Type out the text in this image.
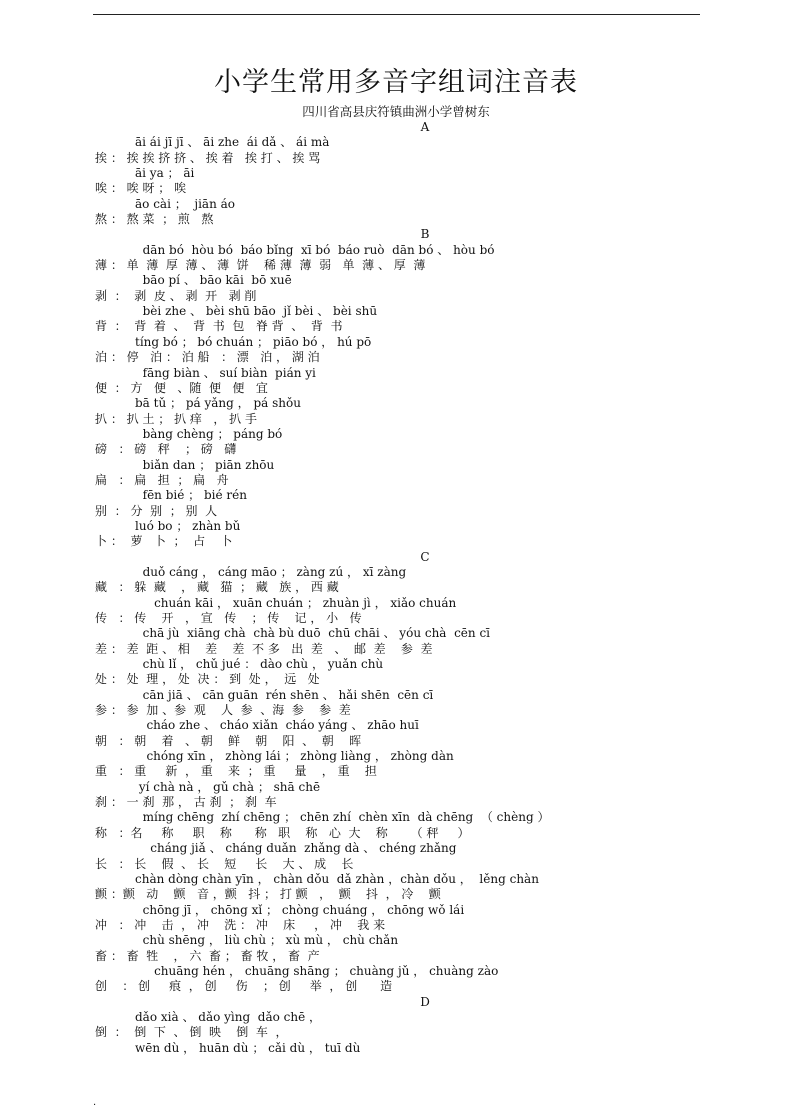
小学生常用多音字组词注音表
四川省高县庆符镇曲洲小学曾树东
A
āi ái jī jī 、 āi zhe  ái dǎ 、 ái mà
挨 ： 挨 挨 挤 挤 、 挨 着   挨 打 、 挨 骂
āi ya ； āi
唉 ： 唉 呀 ； 唉
āo cài ；  jiān áo
熬 ： 熬 菜  ； 煎   熬
B
dān bó  hòu bó  báo bǐng  xī bó  báo ruò  dān bó 、 hòu bó
薄 ： 单  薄  厚  薄 、 薄  饼    稀 薄  薄  弱   单  薄 、 厚  薄
bāo pí 、 bāo kāi  bō xuē
剥  ：  剥  皮 、 剥  开   剥 削
bèi zhe 、 bèi shū bāo  jǐ bèi 、 bèi shū
背  ：  背  着  、  背  书  包   脊 背  、  背  书
tíng bó ； bó chuán ； piāo bó ， hú pō
泊 ： 停   泊 ： 泊 船   ： 漂   泊 ， 湖 泊
fāng biàn 、 suí biàn  pián yi
便  ： 方   便   、随  便   便   宜
bā tǔ ； pá yǎng ， pá shǒu
扒 ： 扒 土 ； 扒 痒   ， 扒 手
bàng chèng ； páng bó
磅   ： 磅   秤    ； 磅   礴
biǎn dan ； piān zhōu
扁   ： 扁   担  ； 扁   舟
fēn bié ； bié rén
别  ： 分  别  ； 别  人
luó bo ； zhàn bǔ
卜 ：  萝   卜  ；  占    卜
C
duǒ cáng ， cáng māo ； zàng zú ， xī zàng
藏   ： 躲  藏    ， 藏   猫  ； 藏   族 ， 西 藏
chuán kāi ， xuān chuán ； zhuàn jì ， xiǎo chuán
传   ： 传    开   ， 宣   传    ； 传    记 ， 小   传
chā jù  xiāng chà  chà bù duō  chū chāi 、 yóu chà  cēn cī
差 ： 差  距 、 相    差    差  不 多   出  差   、  邮  差    参  差
chù lǐ ， chǔ jué ： dào chù ， yuǎn chù
处 ： 处  理 ， 处  决 ： 到  处 ，  远   处
cān jiā 、 cān guān  rén shēn 、 hǎi shēn  cēn cī
参 ： 参  加 、参  观    人  参  、海  参    参  差
cháo zhe 、 cháo xiǎn  cháo yáng 、 zhāo huī
朝   ： 朝    着   、 朝    鲜    朝    阳  、  朝    晖
chóng xīn ， zhòng lái ； zhòng liàng ， zhòng dàn
重   ： 重     新  ， 重    来  ； 重     量    ， 重    担
yí chà nà ， gǔ chà ； shā chē
刹 ： 一 刹  那 ， 古 刹  ； 刹  车
míng chēng  zhí chēng ； chēn zhí  chèn xīn  dà chēng  （ chèng ）
称   ：名     称     职    称      称   职    称   心  大    称      （ 秤     ）
cháng jiǎ 、 cháng duǎn  zhǎng dà 、 chéng zhǎng
长   ： 长    假  、 长    短     长    大 、 成    长
chàn dòng chàn yīn ， chàn dǒu  dǎ zhàn ，chàn dǒu ，  lěng chàn
颤 ：颤   动    颤   音 ，颤   抖 ； 打 颤   ，  颤    抖  ， 冷    颤
chōng jī ， chōng xǐ ； chòng chuáng ， chōng wǒ lái
冲   ： 冲    击  ， 冲    洗 ： 冲    床     ， 冲    我 来
chù shēng ， liù chù ； xù mù ， chù chǎn
畜 ： 畜  牲    ， 六  畜 ； 畜 牧 ， 畜  产
chuāng hén ， chuāng shāng ； chuàng jǔ ， chuàng zào
创    ： 创     痕  ， 创     伤    ； 创     举  ， 创      造
D
dǎo xià 、 dǎo yìng  dǎo chē ，
倒  ：  倒  下  、 倒  映    倒  车  ，
wēn dù ， huān dù ； cǎi dù ， tuī dù
·
